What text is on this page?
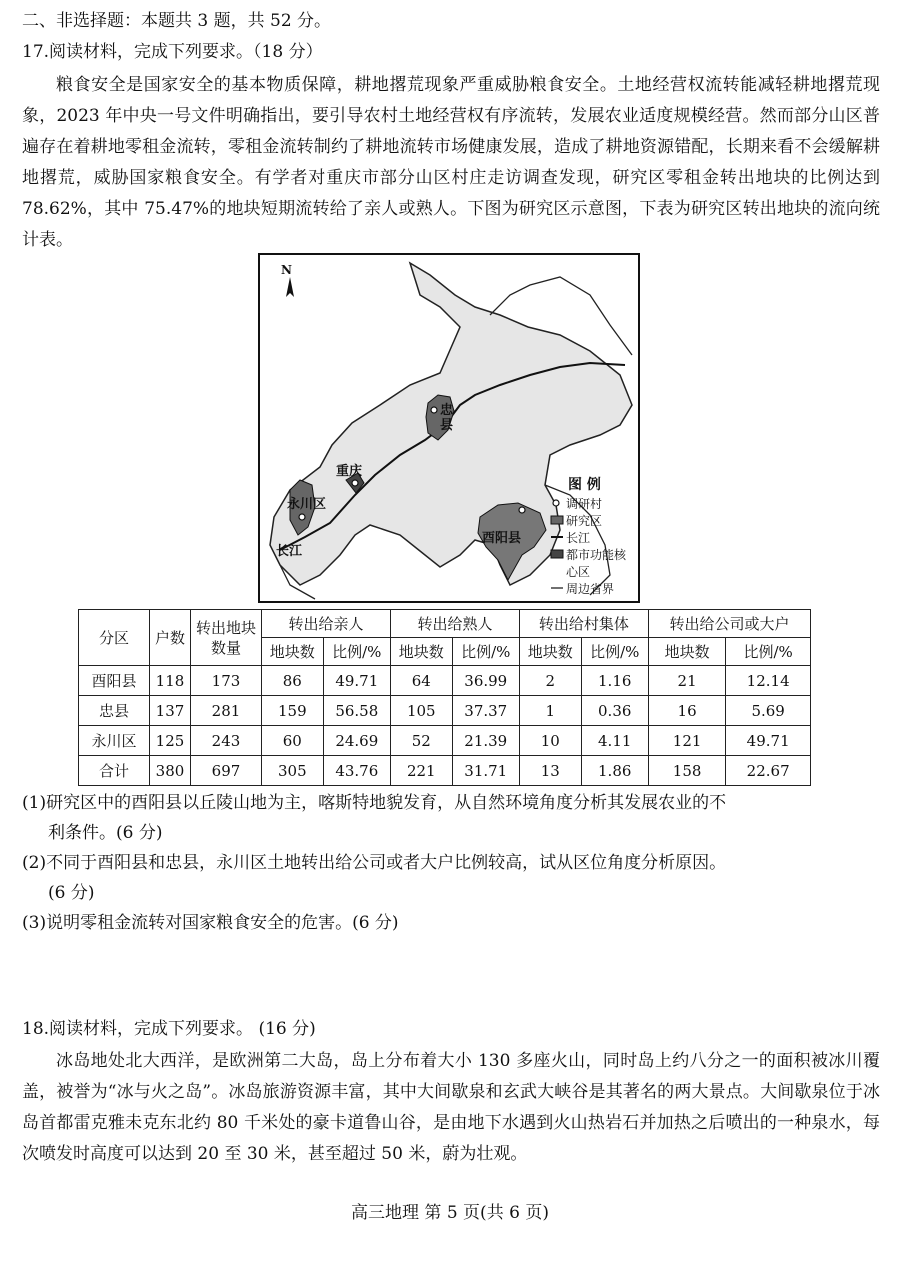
二、非选择题：本题共 3 题，共 52 分。
17.阅读材料，完成下列要求。（18 分）

粮食安全是国家安全的基本物质保障，耕地撂荒现象严重威胁粮食安全。土地经营权流转能减轻耕地撂荒现象，2023 年中央一号文件明确指出，要引导农村土地经营权有序流转，发展农业适度规模经营。然而部分山区普遍存在着耕地零租金流转，零租金流转制约了耕地流转市场健康发展，造成了耕地资源错配，长期来看不会缓解耕地撂荒，威胁国家粮食安全。有学者对重庆市部分山区村庄走访调查发现，研究区零租金转出地块的比例达到 78.62%，其中 75.47%的地块短期流转给了亲人或熟人。下图为研究区示意图，下表为研究区转出地块的流向统计表。

N
忠县
重庆
永川区
长江
酉阳县
图 例
调研村
研究区
长江
都市功能核心区
周边省界
分区	户数	转出地块数量	转出给亲人		转出给熟人		转出给村集体		转出给公司或大户	
			地块数	比例/%	地块数	比例/%	地块数	比例/%	地块数	比例/%
酉阳县	118	173	86	49.71	64	36.99	2	1.16	21	12.14
忠县	137	281	159	56.58	105	37.37	1	0.36	16	5.69
永川区	125	243	60	24.69	52	21.39	10	4.11	121	49.71
合计	380	697	305	43.76	221	31.71	13	1.86	158	22.67

(1)研究区中的酉阳县以丘陵山地为主，喀斯特地貌发育，从自然环境角度分析其发展农业的不

利条件。(6 分)

(2)不同于酉阳县和忠县，永川区土地转出给公司或者大户比例较高，试从区位角度分析原因。

(6 分)

(3)说明零租金流转对国家粮食安全的危害。(6 分)

18.阅读材料，完成下列要求。 (16 分)

冰岛地处北大西洋，是欧洲第二大岛，岛上分布着大小 130 多座火山，同时岛上约八分之一的面积被冰川覆盖，被誉为“冰与火之岛”。冰岛旅游资源丰富，其中大间歇泉和玄武大峡谷是其著名的两大景点。大间歇泉位于冰岛首都雷克雅未克东北约 80 千米处的豪卡道鲁山谷，是由地下水遇到火山热岩石并加热之后喷出的一种泉水，每次喷发时高度可以达到 20 至 30 米，甚至超过 50 米，蔚为壮观。

高三地理 第 5 页(共 6 页)
